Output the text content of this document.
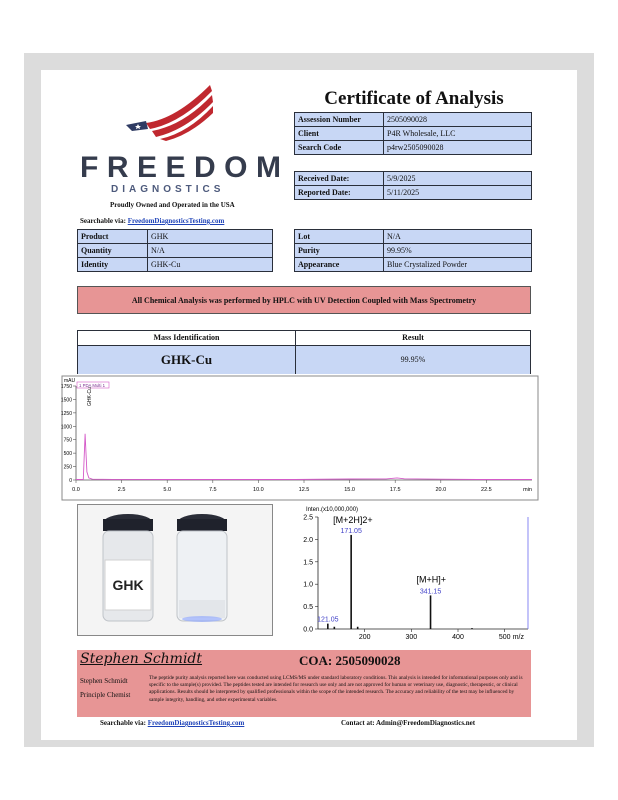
FREEDOM
DIAGNOSTICS
Proudly Owned and Operated in the USA
Searchable via: FreedomDiagnosticsTesting.com
Certificate of Analysis
Assession Number	2505090028
Client	P4R Wholesale, LLC
Search Code	p4rw2505090028
Received Date:	5/9/2025
Reported Date:	5/11/2025
Product	GHK
Quantity	N/A
Identity	GHK-Cu
Lot	N/A
Purity	99.95%
Appearance	Blue Crystalized Powder
All Chemical Analysis was performed by HPLC with UV Detection Coupled with Mass Spectrometry
Mass Identification	Result
GHK-Cu	99.95%
0
250
500
750
1000
1250
1500
1750
0.0	2.5	5.0	7.5	10.0	12.5	15.0	17.5	20.0	22.5	min
mAU
1 PDA Multi 1
GHK-Cu
GHK
Inten.(x10,000,000)
0.0
0.5
1.0
1.5
2.0
2.5
200	300	400	500 m/z
121.05
171.05
341.15
[M+2H]2+
[M+H]+
Stephen Schmidt	COA: 2505090028
Stephen Schmidt
Principle Chemist
The peptide purity analysis reported here was conducted using LCMS/MS under standard laboratory conditions. This analysis is intended for informational purposes only and is specific to the sample(s) provided. The peptides tested are intended for research use only and are not approved for human or veterinary use, diagnostic, therapeutic, or clinical applications. Results should be interpreted by qualified professionals within the scope of the intended research. The accuracy and reliability of the test may be influenced by sample integrity, handling, and other experimental variables.
Searchable via: FreedomDiagnosticsTesting.com	Contact at: Admin@FreedomDiagnostics.net
